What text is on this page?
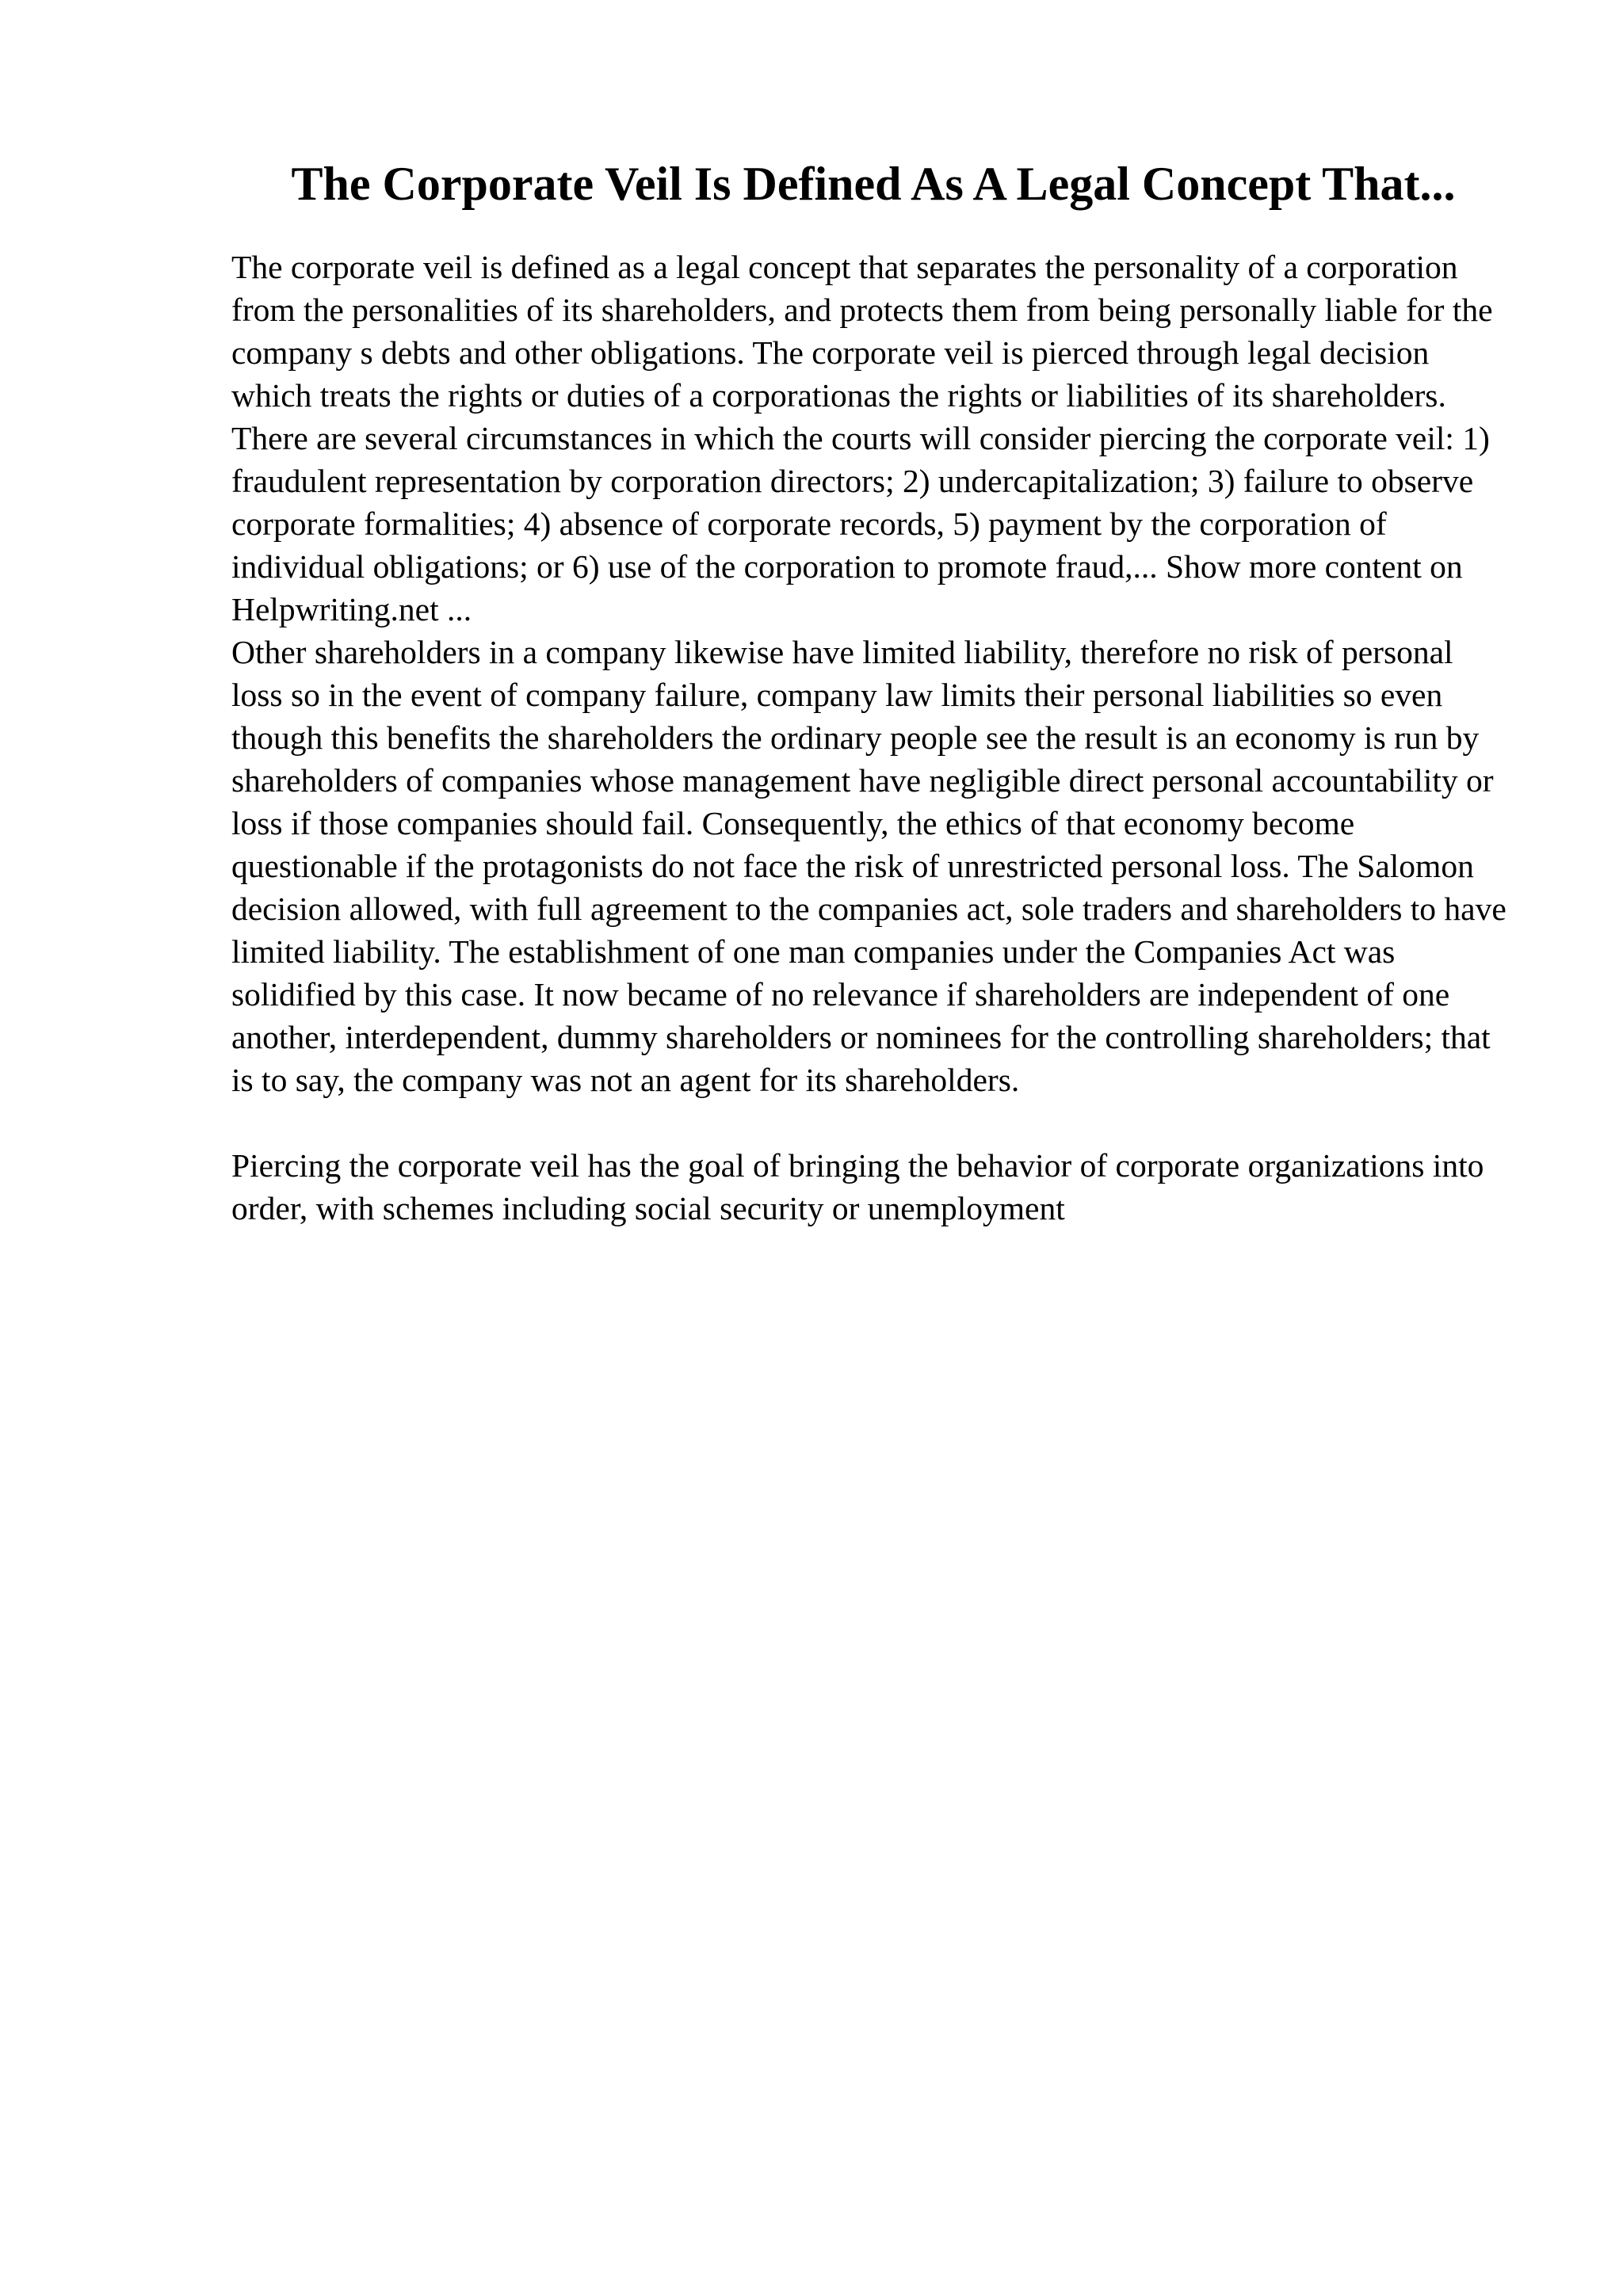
The Corporate Veil Is Defined As A Legal Concept That...

The corporate veil is defined as a legal concept that separates the personality of a corporation from the personalities of its shareholders, and protects them from being personally liable for the company s debts and other obligations. The corporate veil is pierced through legal decision which treats the rights or duties of a corporationas the rights or liabilities of its shareholders. There are several circumstances in which the courts will consider piercing the corporate veil: 1) fraudulent representation by corporation directors; 2) undercapitalization; 3) failure to observe corporate formalities; 4) absence of corporate records, 5) payment by the corporation of individual obligations; or 6) use of the corporation to promote fraud,... Show more content on Helpwriting.net ...

Other shareholders in a company likewise have limited liability, therefore no risk of personal loss so in the event of company failure, company law limits their personal liabilities so even though this benefits the shareholders the ordinary people see the result is an economy is run by shareholders of companies whose management have negligible direct personal accountability or loss if those companies should fail. Consequently, the ethics of that economy become questionable if the protagonists do not face the risk of unrestricted personal loss. The Salomon decision allowed, with full agreement to the companies act, sole traders and shareholders to have limited liability. The establishment of one man companies under the Companies Act was solidified by this case. It now became of no relevance if shareholders are independent of one another, interdependent, dummy shareholders or nominees for the controlling shareholders; that is to say, the company was not an agent for its shareholders.

Piercing the corporate veil has the goal of bringing the behavior of corporate organizations into order, with schemes including social security or unemployment
